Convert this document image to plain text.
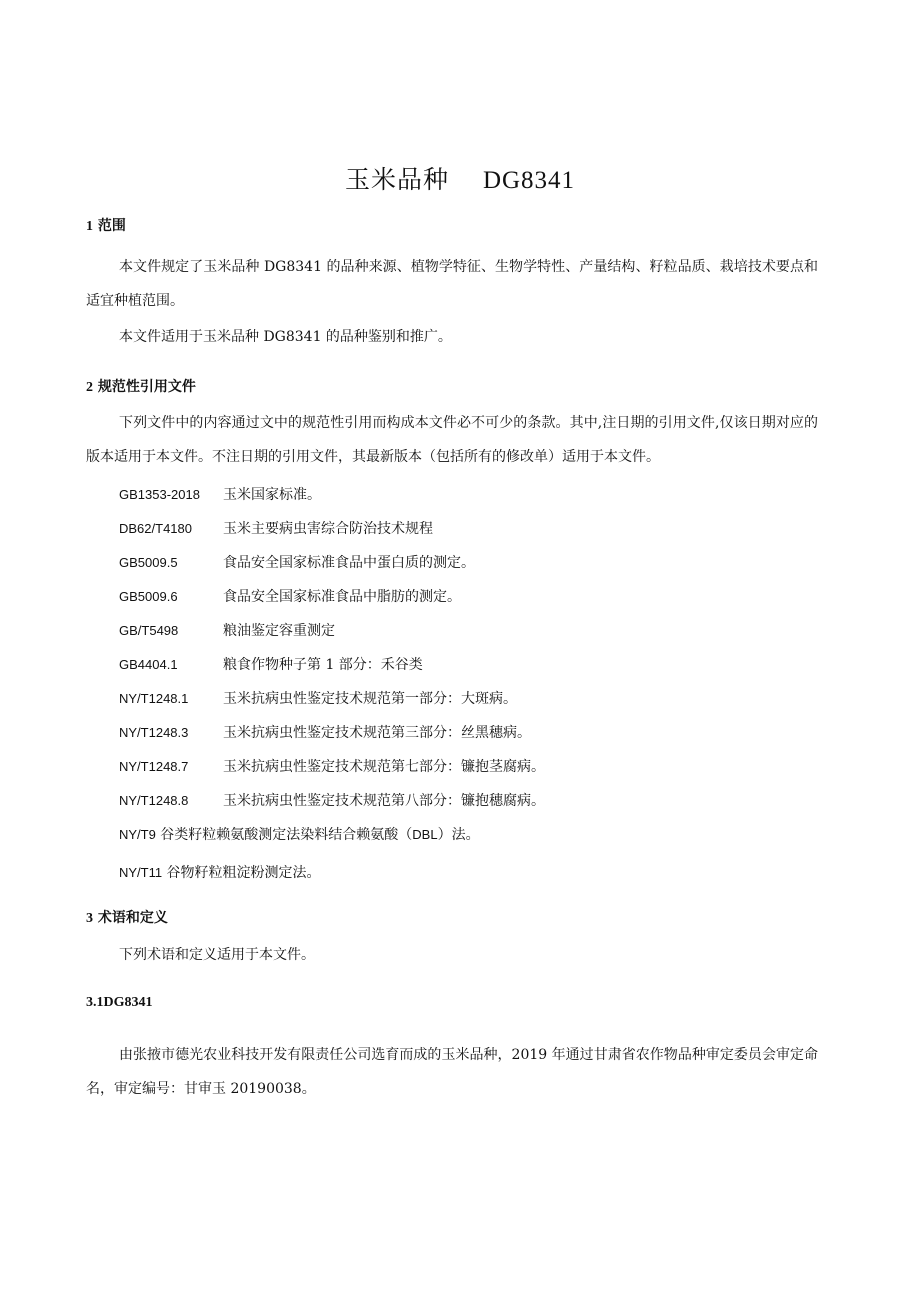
玉米品种 DG8341
1 范围
本文件规定了玉米品种 DG8341 的品种来源、植物学特征、生物学特性、产量结构、籽粒品质、栽培技术要点和适宜种植范围。
本文件适用于玉米品种 DG8341 的品种鉴别和推广。
2 规范性引用文件
下列文件中的内容通过文中的规范性引用而构成本文件必不可少的条款。其中,注日期的引用文件,仅该日期对应的版本适用于本文件。不注日期的引用文件，其最新版本（包括所有的修改单）适用于本文件。
GB1353-2018 玉米国家标准。
DB62/T4180 玉米主要病虫害综合防治技术规程
GB5009.5	食品安全国家标准食品中蛋白质的测定。
GB5009.6	食品安全国家标准食品中脂肪的测定。
GB/T5498	粮油鉴定容重测定
GB4404.1	粮食作物种子第 1 部分：禾谷类
NY/T1248.1 玉米抗病虫性鉴定技术规范第一部分：大斑病。
NY/T1248.3 玉米抗病虫性鉴定技术规范第三部分：丝黑穗病。
NY/T1248.7 玉米抗病虫性鉴定技术规范第七部分：镰抱茎腐病。
NY/T1248.8 玉米抗病虫性鉴定技术规范第八部分：镰抱穗腐病。
NY/T9 谷类籽粒赖氨酸测定法染料结合赖氨酸（DBL）法。
NY/T11 谷物籽粒粗淀粉测定法。
3 术语和定义
下列术语和定义适用于本文件。
3.1DG8341
由张掖市德光农业科技开发有限责任公司选育而成的玉米品种，2019 年通过甘肃省农作物品种审定委员会审定命名，审定编号：甘审玉 20190038。
